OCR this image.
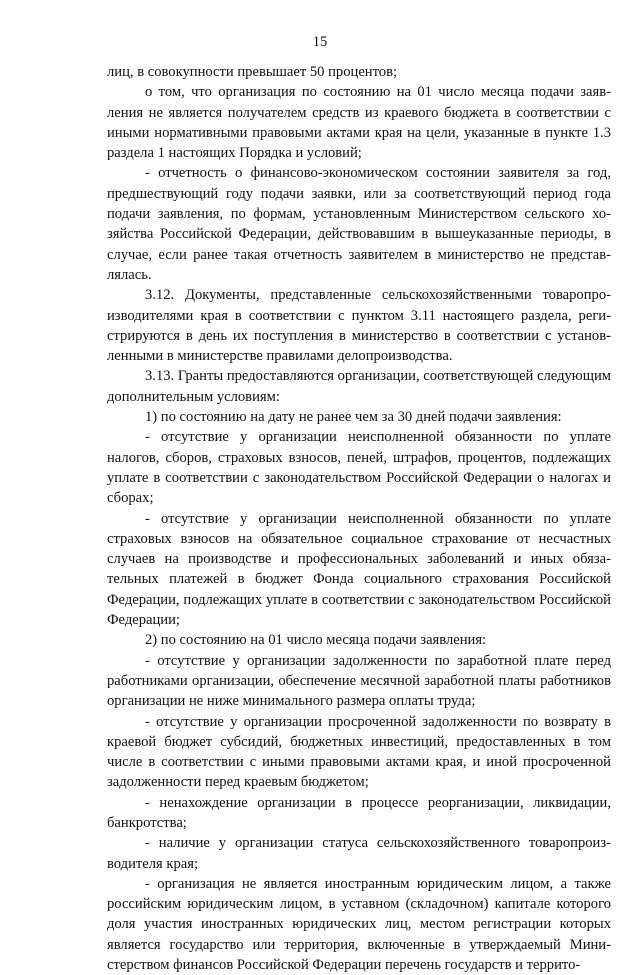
15

лиц, в совокупности превышает 50 процентов;

о том, что организация по состоянию на 01 число месяца подачи заявления не является получателем средств из краевого бюджета в соответствии с иными нормативными правовыми актами края на цели, указанные в пункте 1.3 раздела 1 настоящих Порядка и условий;

- отчетность о финансово-экономическом состоянии заявителя за год, предшествующий году подачи заявки, или за соответствующий период года подачи заявления, по формам, установленным Министерством сельского хозяйства Российской Федерации, действовавшим в вышеуказанные периоды, в случае, если ранее такая отчетность заявителем в министерство не представлялась.

3.12. Документы, представленные сельскохозяйственными товаропроизводителями края в соответствии с пунктом 3.11 настоящего раздела, регистрируются в день их поступления в министерство в соответствии с установленными в министерстве правилами делопроизводства.

3.13. Гранты предоставляются организации, соответствующей следующим дополнительным условиям:

1) по состоянию на дату не ранее чем за 30 дней подачи заявления:

- отсутствие у организации неисполненной обязанности по уплате налогов, сборов, страховых взносов, пеней, штрафов, процентов, подлежащих уплате в соответствии с законодательством Российской Федерации о налогах и сборах;

- отсутствие у организации неисполненной обязанности по уплате страховых взносов на обязательное социальное страхование от несчастных случаев на производстве и профессиональных заболеваний и иных обязательных платежей в бюджет Фонда социального страхования Российской Федерации, подлежащих уплате в соответствии с законодательством Российской Федерации;

2) по состоянию на 01 число месяца подачи заявления:

- отсутствие у организации задолженности по заработной плате перед работниками организации, обеспечение месячной заработной платы работников организации не ниже минимального размера оплаты труда;

- отсутствие у организации просроченной задолженности по возврату в краевой бюджет субсидий, бюджетных инвестиций, предоставленных в том числе в соответствии с иными правовыми актами края, и иной просроченной задолженности перед краевым бюджетом;

- ненахождение организации в процессе реорганизации, ликвидации, банкротства;

- наличие у организации статуса сельскохозяйственного товаропроизводителя края;

- организация не является иностранным юридическим лицом, а также российским юридическим лицом, в уставном (складочном) капитале которого доля участия иностранных юридических лиц, местом регистрации которых является государство или территория, включенные в утверждаемый Министерством финансов Российской Федерации перечень государств и террито-
